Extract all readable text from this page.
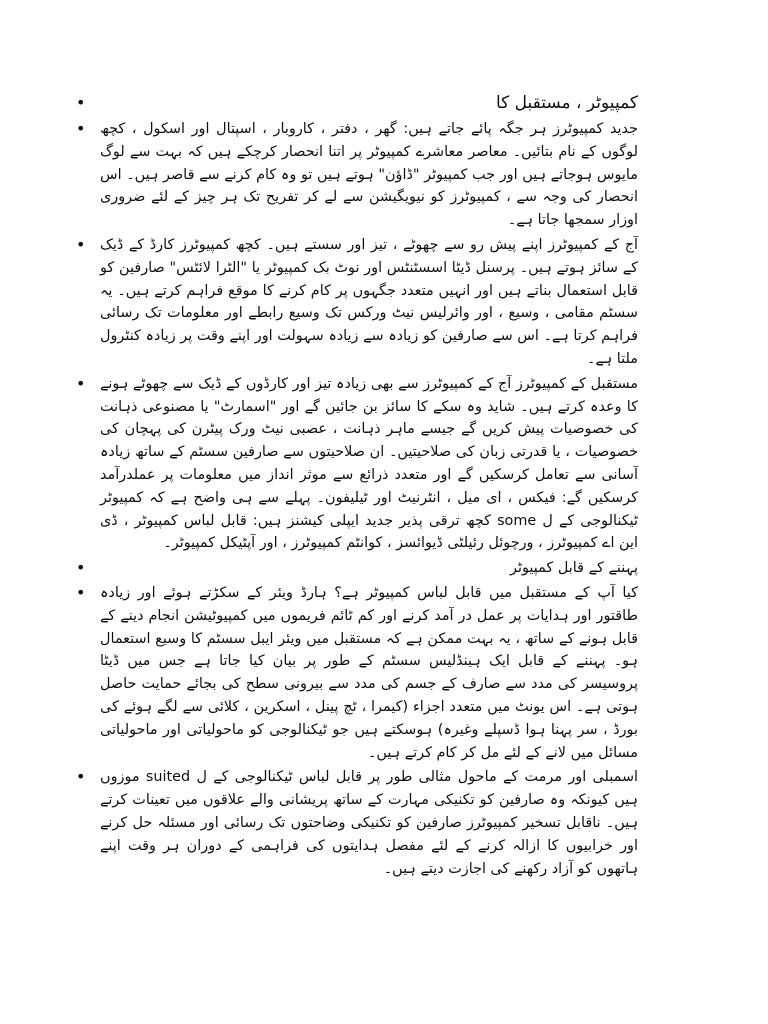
• کمپیوٹر ، مستقبل کا
• جدید کمپیوٹرز ہر جگہ پائے جاتے ہیں: گھر ، دفتر ، کاروبار ، اسپتال اور اسکول ، کچھ لوگوں کے نام بتائیں۔ معاصر معاشرے کمپیوٹر پر اتنا انحصار کرچکے ہیں کہ بہت سے لوگ مایوس ہوجاتے ہیں اور جب کمپیوٹر "ڈاؤن" ہوتے ہیں تو وہ کام کرنے سے قاصر ہیں۔ اس انحصار کی وجہ سے ، کمپیوٹرز کو نیویگیشن سے لے کر تفریح تک ہر چیز کے لئے ضروری اوزار سمجھا جاتا ہے۔
• آج کے کمپیوٹرز اپنے پیش رو سے چھوٹے ، تیز اور سستے ہیں۔ کچھ کمپیوٹرز کارڈ کے ڈیک کے سائز ہوتے ہیں۔ پرسنل ڈیٹا اسسٹنٹس اور نوٹ بک کمپیوٹر یا "الٹرا لائٹس" صارفین کو قابل استعمال بناتے ہیں اور انہیں متعدد جگہوں پر کام کرنے کا موقع فراہم کرتے ہیں۔ یہ سسٹم مقامی ، وسیع ، اور وائرلیس نیٹ ورکس تک وسیع رابطے اور معلومات تک رسائی فراہم کرتا ہے۔ اس سے صارفین کو زیادہ سے زیادہ سہولت اور اپنے وقت پر زیادہ کنٹرول ملتا ہے۔
• مستقبل کے کمپیوٹرز آج کے کمپیوٹرز سے بھی زیادہ تیز اور کارڈوں کے ڈیک سے چھوٹے ہونے کا وعدہ کرتے ہیں۔ شاید وہ سکے کا سائز بن جائیں گے اور "اسمارٹ" یا مصنوعی ذہانت کی خصوصیات پیش کریں گے جیسے ماہر ذہانت ، عصبی نیٹ ورک پیٹرن کی پہچان کی خصوصیات ، یا قدرتی زبان کی صلاحیتیں۔ ان صلاحیتوں سے صارفین سسٹم کے ساتھ زیادہ آسانی سے تعامل کرسکیں گے اور متعدد ذرائع سے موثر انداز میں معلومات پر عملدرآمد کرسکیں گے: فیکس ، ای میل ، انٹرنیٹ اور ٹیلیفون۔ پہلے سے ہی واضح ہے کہ کمپیوٹر ٹیکنالوجی کے ل some کچھ ترقی پذیر جدید ایپلی کیشنز ہیں: قابل لباس کمپیوٹر ، ڈی این اے کمپیوٹرز ، ورچوئل رئیلٹی ڈیوائسز ، کوانٹم کمپیوٹرز ، اور آپٹیکل کمپیوٹر۔
• پہننے کے قابل کمپیوٹر
• کیا آپ کے مستقبل میں قابل لباس کمپیوٹر ہے؟ ہارڈ ویئر کے سکڑتے ہوئے اور زیادہ طاقتور اور ہدایات پر عمل در آمد کرنے اور کم ٹائم فریموں میں کمپیوٹیشن انجام دینے کے قابل ہونے کے ساتھ ، یہ بہت ممکن ہے کہ مستقبل میں ویئر ایبل سسٹم کا وسیع استعمال ہو۔ پہننے کے قابل ایک ہینڈلیس سسٹم کے طور پر بیان کیا جاتا ہے جس میں ڈیٹا پروسیسر کی مدد سے صارف کے جسم کی مدد سے بیرونی سطح کی بجائے حمایت حاصل ہوتی ہے۔ اس یونٹ میں متعدد اجزاء (کیمرا ، ٹچ پینل ، اسکرین ، کلائی سے لگے ہوئے کی بورڈ ، سر پہنا ہوا ڈسپلے وغیرہ) ہوسکتے ہیں جو ٹیکنالوجی کو ماحولیاتی اور ماحولیاتی مسائل میں لانے کے لئے مل کر کام کرتے ہیں۔
• اسمبلی اور مرمت کے ماحول مثالی طور پر قابل لباس ٹیکنالوجی کے ل suited موزوں ہیں کیونکہ وہ صارفین کو تکنیکی مہارت کے ساتھ پریشانی والے علاقوں میں تعینات کرتے ہیں۔ ناقابل تسخیر کمپیوٹرز صارفین کو تکنیکی وضاحتوں تک رسائی اور مسئلہ حل کرنے اور خرابیوں کا ازالہ کرنے کے لئے مفصل ہدایتوں کی فراہمی کے دوران ہر وقت اپنے ہاتھوں کو آزاد رکھنے کی اجازت دیتے ہیں۔
